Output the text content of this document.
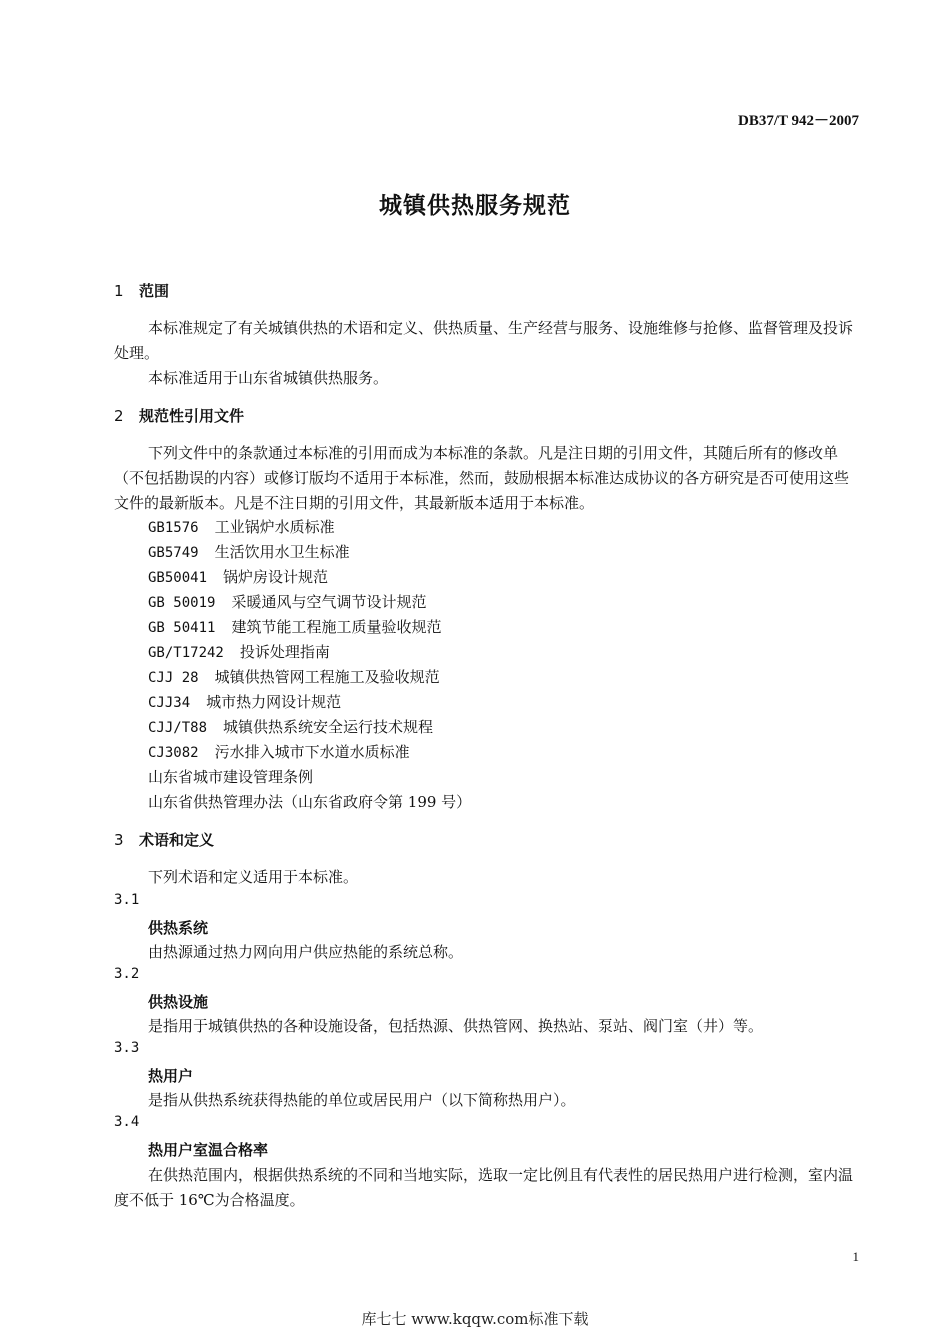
DB37/T 942－2007
城镇供热服务规范
1 范围
本标准规定了有关城镇供热的术语和定义、供热质量、生产经营与服务、设施维修与抢修、监督管理及投诉处理。
本标准适用于山东省城镇供热服务。
2 规范性引用文件
下列文件中的条款通过本标准的引用而成为本标准的条款。凡是注日期的引用文件，其随后所有的修改单（不包括勘误的内容）或修订版均不适用于本标准，然而，鼓励根据本标准达成协议的各方研究是否可使用这些文件的最新版本。凡是不注日期的引用文件，其最新版本适用于本标准。
GB1576 工业锅炉水质标准
GB5749 生活饮用水卫生标准
GB50041 锅炉房设计规范
GB 50019 采暖通风与空气调节设计规范
GB 50411 建筑节能工程施工质量验收规范
GB/T17242 投诉处理指南
CJJ 28 城镇供热管网工程施工及验收规范
CJJ34 城市热力网设计规范
CJJ/T88 城镇供热系统安全运行技术规程
CJ3082 污水排入城市下水道水质标准
山东省城市建设管理条例
山东省供热管理办法（山东省政府令第 199 号）
3 术语和定义
下列术语和定义适用于本标准。
3.1
供热系统
由热源通过热力网向用户供应热能的系统总称。
3.2
供热设施
是指用于城镇供热的各种设施设备，包括热源、供热管网、换热站、泵站、阀门室（井）等。
3.3
热用户
是指从供热系统获得热能的单位或居民用户（以下简称热用户）。
3.4
热用户室温合格率
在供热范围内，根据供热系统的不同和当地实际，选取一定比例且有代表性的居民热用户进行检测，室内温度不低于 16℃为合格温度。
1
库七七 www.kqqw.com标准下载
